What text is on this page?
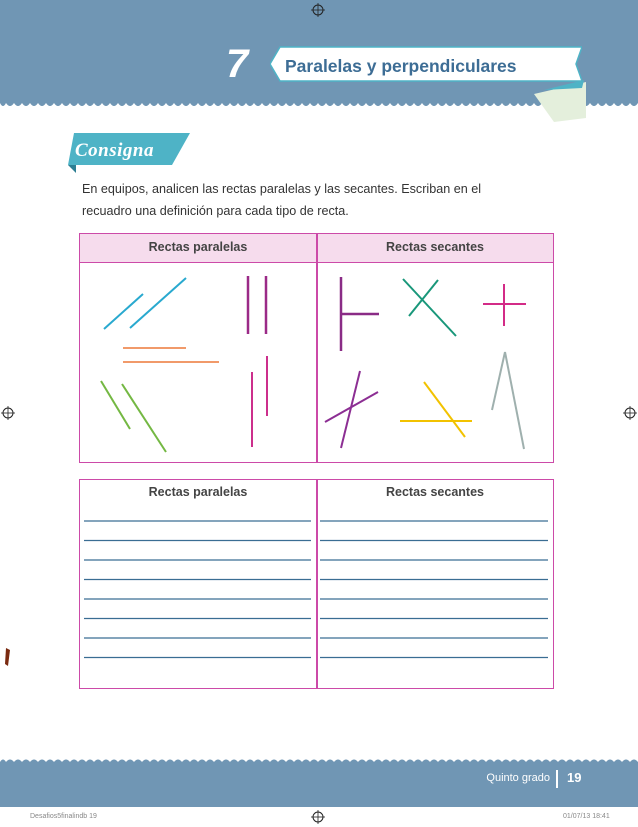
7 Paralelas y perpendiculares
Consigna
En equipos, analicen las rectas paralelas y las secantes. Escriban en el recuadro una definición para cada tipo de recta.
Rectas paralelas	Rectas secantes
Rectas paralelas	Rectas secantes
Quinto grado 19
Desafios5finalindb 19	01/07/13 18:41
